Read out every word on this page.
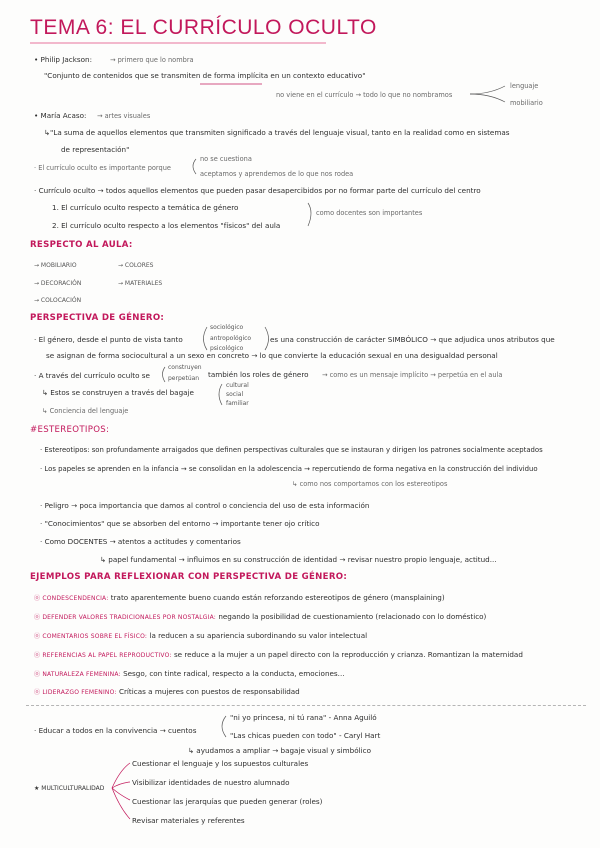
TEMA 6: EL CURRÍCULO OCULTO
• Philip Jackson:	→ primero que lo nombra
"Conjunto de contenidos que se transmiten de forma implícita en un contexto educativo"
no viene en el currículo → todo lo que no nombramos
lenguaje
mobiliario
• María Acaso: → artes visuales
↳"La suma de aquellos elementos que transmiten significado a través del lenguaje visual, tanto en la realidad como en sistemas
de representación"
· El currículo oculto es importante porque
no se cuestiona
aceptamos y aprendemos de lo que nos rodea
· Currículo oculto → todos aquellos elementos que pueden pasar desapercibidos por no formar parte del currículo del centro
1. El currículo oculto respecto a temática de género
2. El currículo oculto respecto a los elementos "físicos" del aula
como docentes son importantes
RESPECTO AL AULA:
→ MOBILIARIO	→ COLORES
→ DECORACIÓN	→ MATERIALES
→ COLOCACIÓN
PERSPECTIVA DE GÉNERO:
· El género, desde el punto de vista tanto
sociológico
antropológico
psicológico
es una construcción de carácter SIMBÓLICO → que adjudica unos atributos que
se asignan de forma sociocultural a un sexo en concreto → lo que convierte la educación sexual en una desigualdad personal
· A través del currículo oculto se
construyen
perpetúan también los roles de género → como es un mensaje implícito → perpetúa en el aula
↳ Estos se construyen a través del bagaje
cultural
social
familiar
↳ Conciencia del lenguaje
#ESTEREOTIPOS:
· Estereotipos: son profundamente arraigados que definen perspectivas culturales que se instauran y dirigen los patrones socialmente aceptados
· Los papeles se aprenden en la infancia → se consolidan en la adolescencia → repercutiendo de forma negativa en la construcción del individuo
↳ como nos comportamos con los estereotipos
· Peligro → poca importancia que damos al control o conciencia del uso de esta información
· "Conocimientos" que se absorben del entorno → importante tener ojo crítico
· Como DOCENTES → atentos a actitudes y comentarios
↳ papel fundamental → influimos en su construcción de identidad → revisar nuestro propio lenguaje, actitud...
EJEMPLOS PARA REFLEXIONAR CON PERSPECTIVA DE GÉNERO:
⓪ CONDESCENDENCIA: trato aparentemente bueno cuando están reforzando estereotipos de género (mansplaining)
⓪ DEFENDER VALORES TRADICIONALES POR NOSTALGIA: negando la posibilidad de cuestionamiento (relacionado con lo doméstico)
⓪ COMENTARIOS SOBRE EL FÍSICO: la reducen a su apariencia subordinando su valor intelectual
⓪ REFERENCIAS AL PAPEL REPRODUCTIVO: se reduce a la mujer a un papel directo con la reproducción y crianza. Romantizan la maternidad
⓪ NATURALEZA FEMENINA: Sesgo, con tinte radical, respecto a la conducta, emociones...
⓪ LIDERAZGO FEMENINO: Críticas a mujeres con puestos de responsabilidad
· Educar a todos en la convivencia → cuentos
"ni yo princesa, ni tú rana" - Anna Aguiló
"Las chicas pueden con todo" - Caryl Hart
↳ ayudamos a ampliar → bagaje visual y simbólico
★ MULTICULTURALIDAD
Cuestionar el lenguaje y los supuestos culturales
Visibilizar identidades de nuestro alumnado
Cuestionar las jerarquías que pueden generar (roles)
Revisar materiales y referentes
